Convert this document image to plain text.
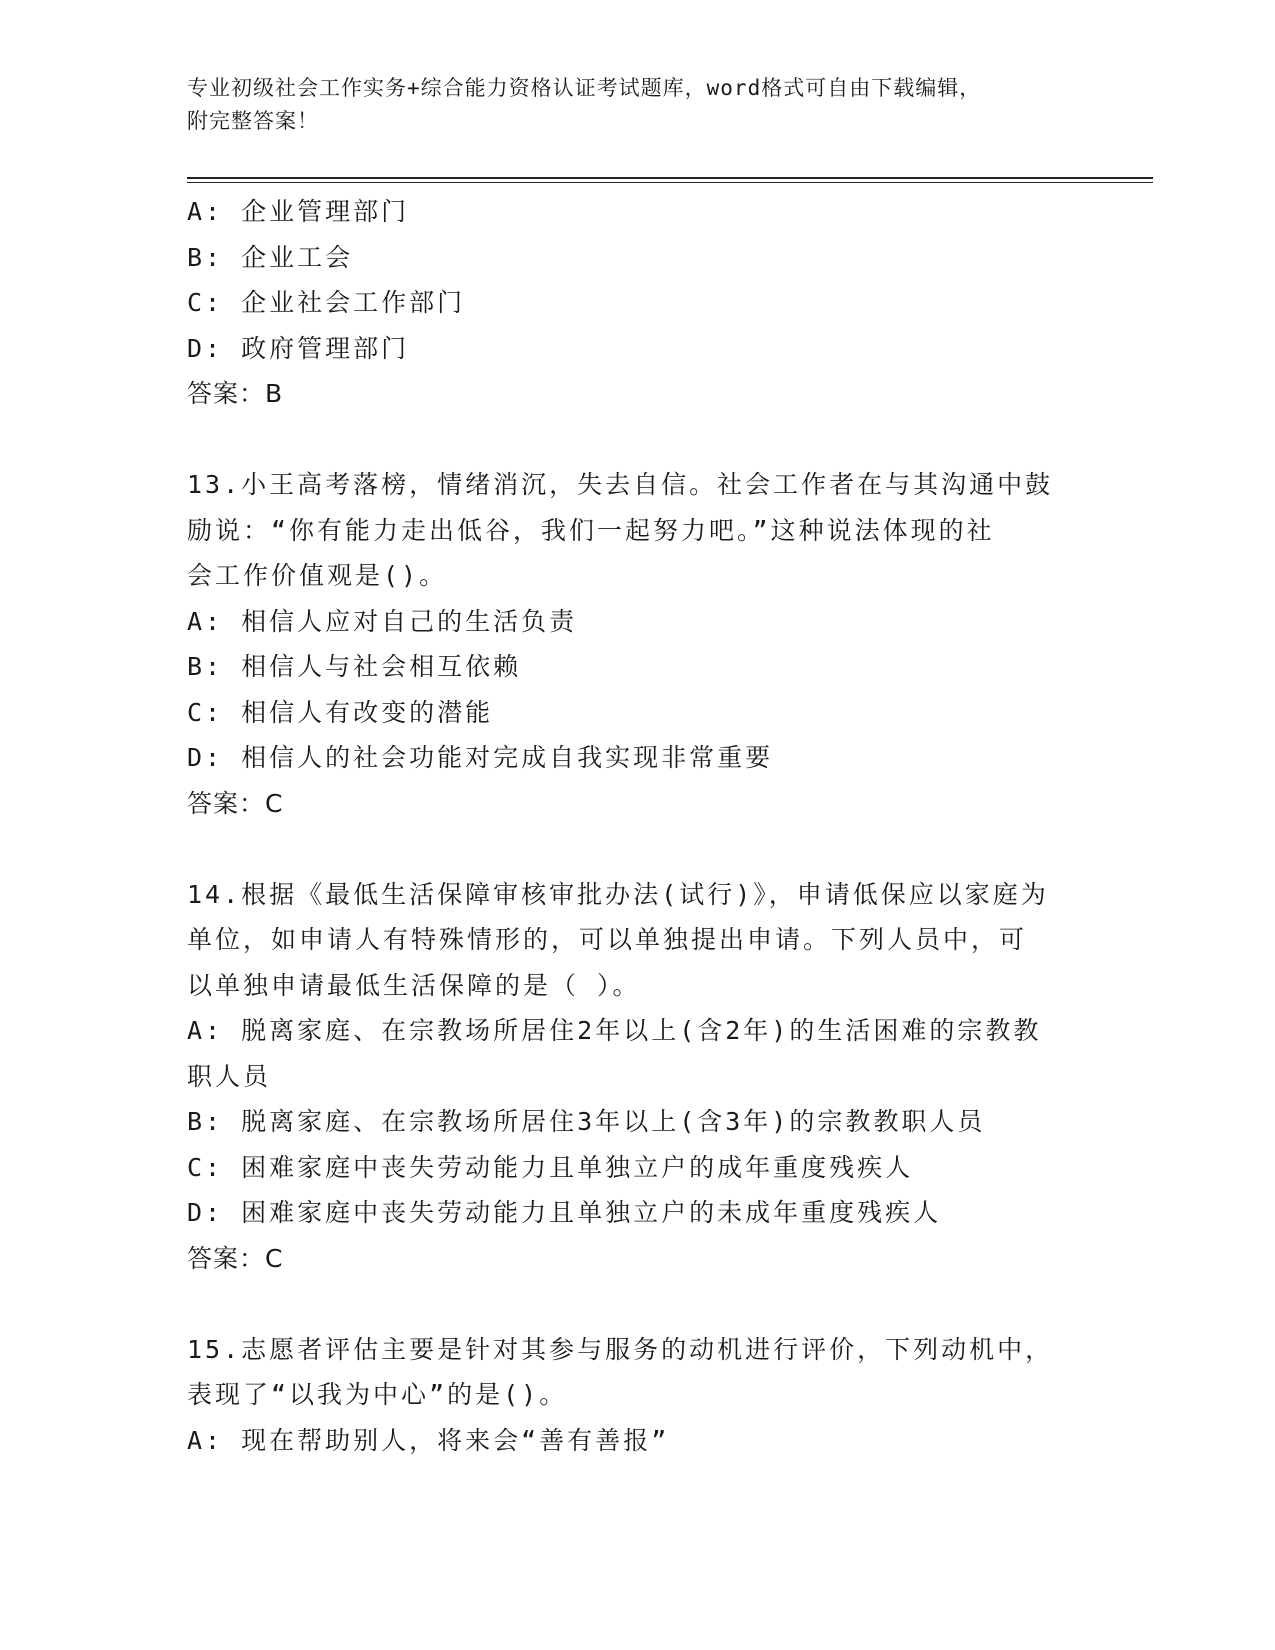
专业初级社会工作实务+综合能力资格认证考试题库，word格式可自由下载编辑，
附完整答案！
A: 企业管理部门
B: 企业工会
C: 企业社会工作部门
D: 政府管理部门
答案：B
13.小王高考落榜，情绪消沉，失去自信。社会工作者在与其沟通中鼓
励说：“你有能力走出低谷，我们一起努力吧。”这种说法体现的社
会工作价值观是()。
A: 相信人应对自己的生活负责
B: 相信人与社会相互依赖
C: 相信人有改变的潜能
D: 相信人的社会功能对完成自我实现非常重要
答案：C
14.根据《最低生活保障审核审批办法(试行)》，申请低保应以家庭为
单位，如申请人有特殊情形的，可以单独提出申请。下列人员中，可
以单独申请最低生活保障的是（ ）。
A: 脱离家庭、在宗教场所居住2年以上(含2年)的生活困难的宗教教
职人员
B: 脱离家庭、在宗教场所居住3年以上(含3年)的宗教教职人员
C: 困难家庭中丧失劳动能力且单独立户的成年重度残疾人
D: 困难家庭中丧失劳动能力且单独立户的未成年重度残疾人
答案：C
15.志愿者评估主要是针对其参与服务的动机进行评价，下列动机中，
表现了“以我为中心”的是()。
A: 现在帮助别人，将来会“善有善报”
